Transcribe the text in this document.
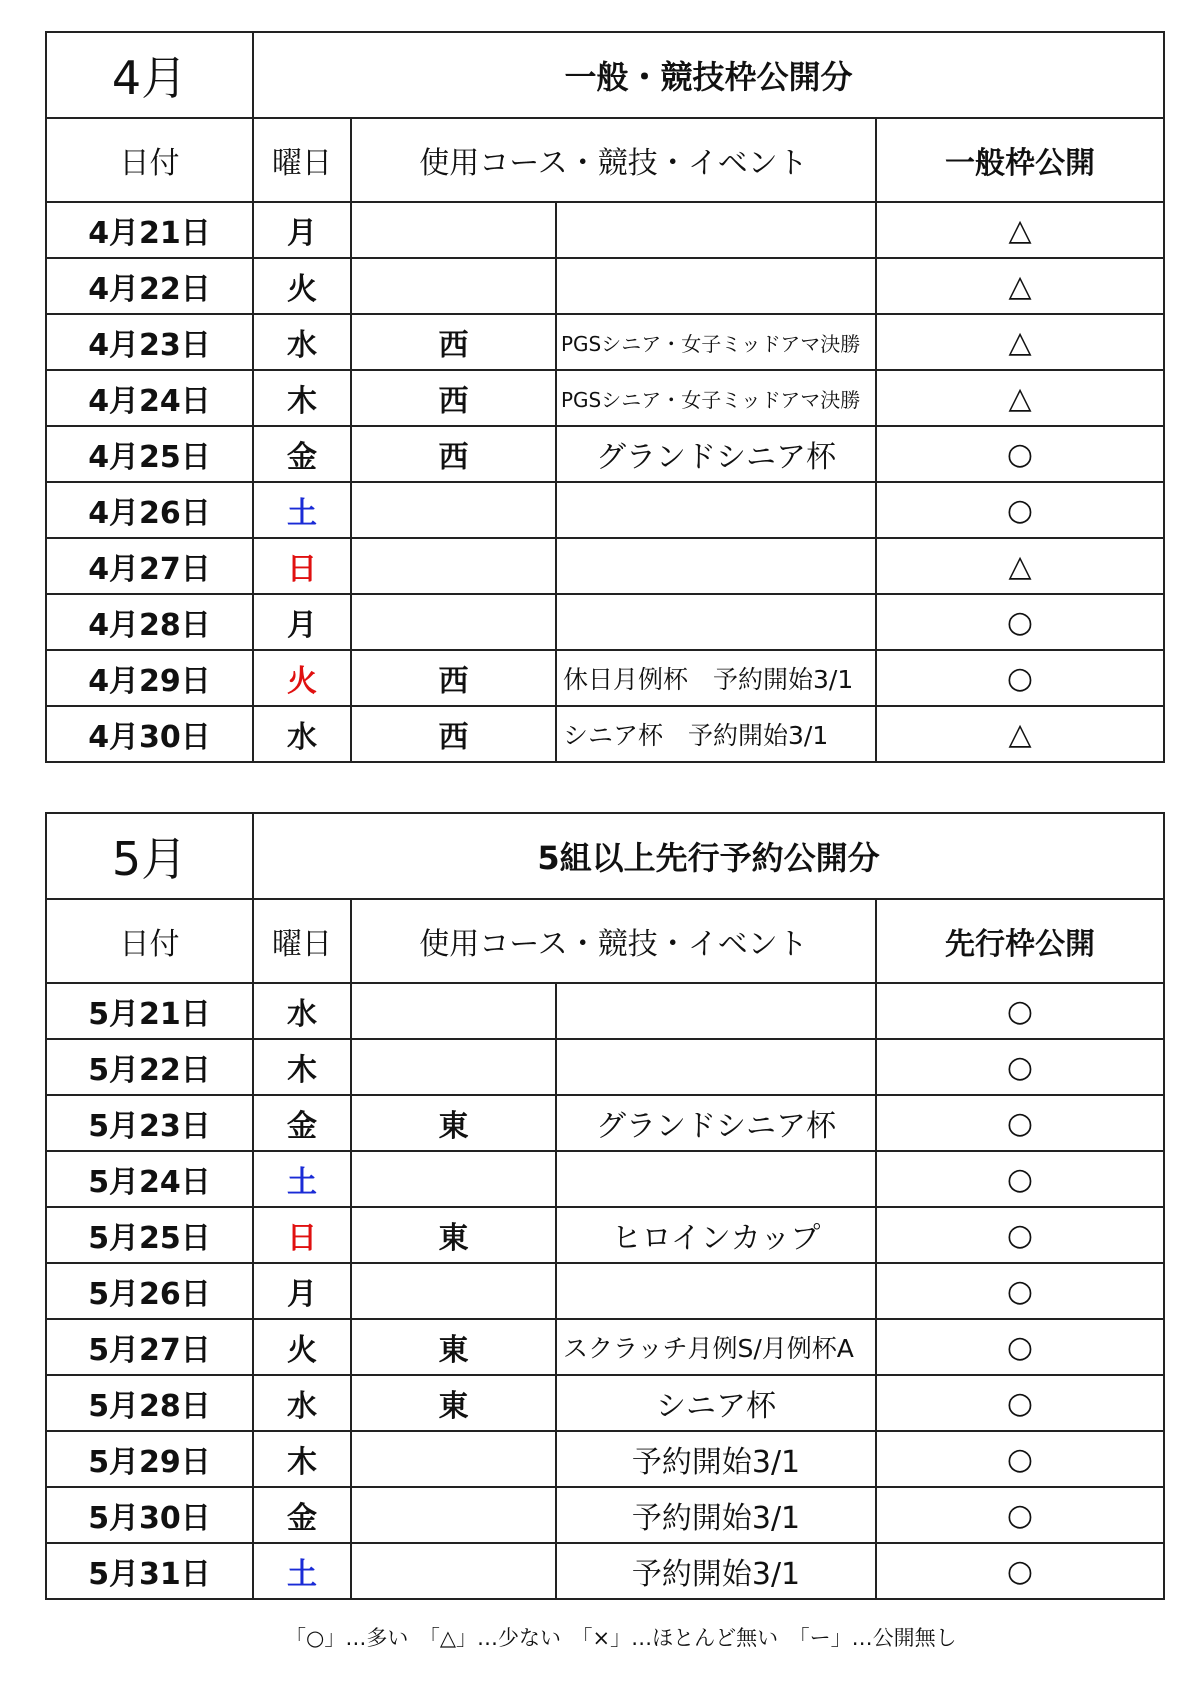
4月	一般・競技枠公開分			
日付	曜日	使用コース・競技・イベント		一般枠公開
4月21日	月			△
4月22日	火			△
4月23日	水	西	PGSシニア・女子ミッドアマ決勝	△
4月24日	木	西	PGSシニア・女子ミッドアマ決勝	△
4月25日	金	西	グランドシニア杯	○
4月26日	土			○
4月27日	日			△
4月28日	月			○
4月29日	火	西	休日月例杯　予約開始3/1	○
4月30日	水	西	シニア杯　予約開始3/1	△
5月	5組以上先行予約公開分			
日付	曜日	使用コース・競技・イベント		先行枠公開
5月21日	水			○
5月22日	木			○
5月23日	金	東	グランドシニア杯	○
5月24日	土			○
5月25日	日	東	ヒロインカップ	○
5月26日	月			○
5月27日	火	東	スクラッチ月例S/月例杯A	○
5月28日	水	東	シニア杯	○
5月29日	木		予約開始3/1	○
5月30日	金		予約開始3/1	○
5月31日	土		予約開始3/1	○
「○」…多い　「△」…少ない　「×」…ほとんど無い　「ー」…公開無し
